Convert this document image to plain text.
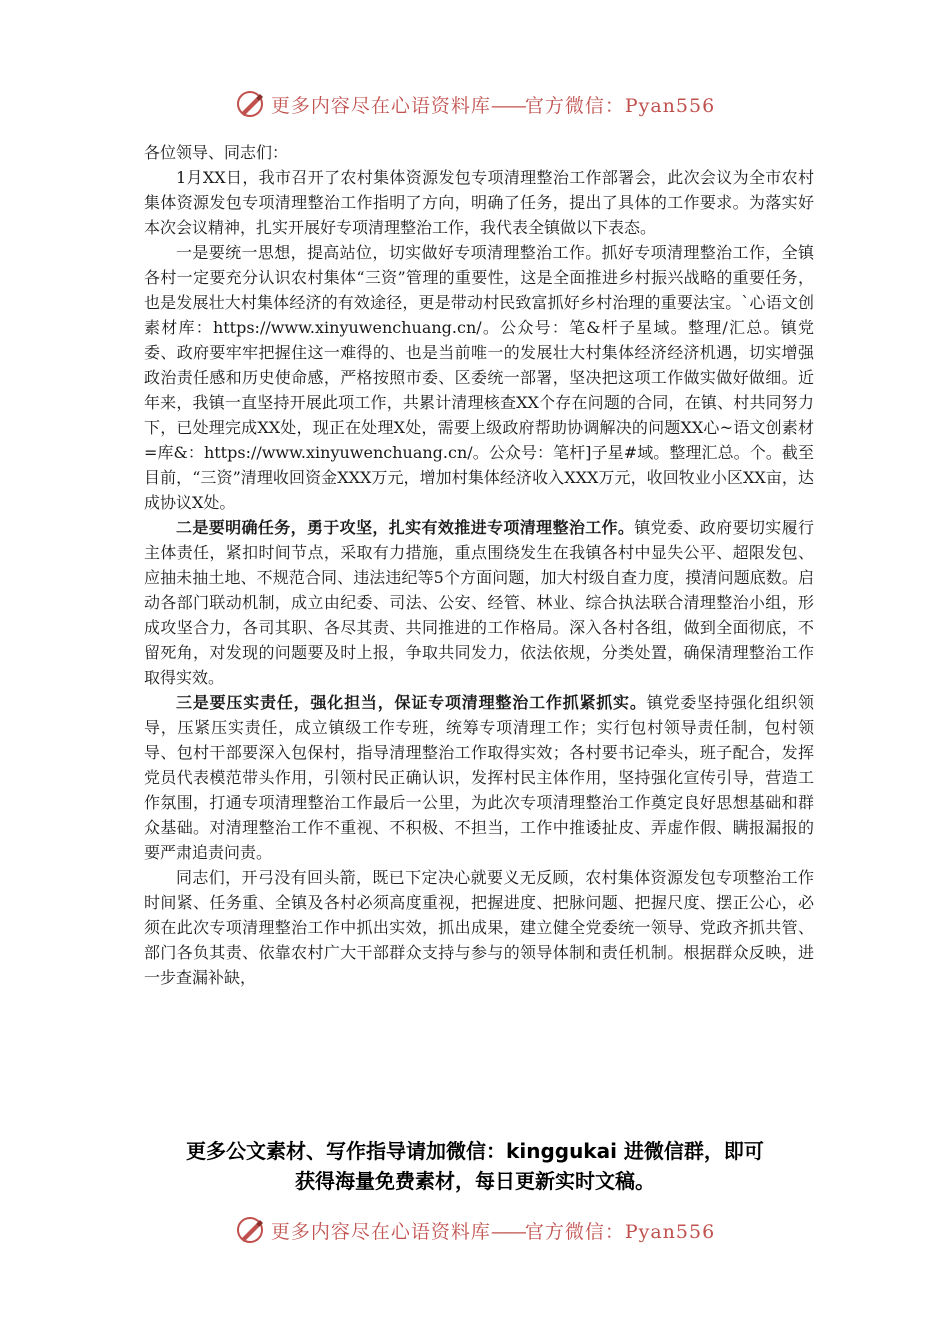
更多内容尽在心语资料库——官方微信：Pyan556

各位领导、同志们：

1月XX日，我市召开了农村集体资源发包专项清理整治工作部署会，此次会议为全市农村集体资源发包专项清理整治工作指明了方向，明确了任务，提出了具体的工作要求。为落实好本次会议精神，扎实开展好专项清理整治工作，我代表全镇做以下表态。

一是要统一思想，提高站位，切实做好专项清理整治工作。抓好专项清理整治工作，全镇各村一定要充分认识农村集体“三资”管理的重要性，这是全面推进乡村振兴战略的重要任务，也是发展壮大村集体经济的有效途径，更是带动村民致富抓好乡村治理的重要法宝。`心语文创素材库：https://www.xinyuwenchuang.cn/。公众号：笔&杆子星域。整理/汇总。镇党委、政府要牢牢把握住这一难得的、也是当前唯一的发展壮大村集体经济经济机遇，切实增强政治责任感和历史使命感，严格按照市委、区委统一部署，坚决把这项工作做实做好做细。近年来，我镇一直坚持开展此项工作，共累计清理核查XX个存在问题的合同，在镇、村共同努力下，已处理完成XX处，现正在处理X处，需要上级政府帮助协调解决的问题XX心~语文创素材=库&：https://www.xinyuwenchuang.cn/。公众号：笔杆]子星#域。整理汇总。个。截至目前，“三资”清理收回资金XXX万元，增加村集体经济收入XXX万元，收回牧业小区XX亩，达成协议X处。

二是要明确任务，勇于攻坚，扎实有效推进专项清理整治工作。镇党委、政府要切实履行主体责任，紧扣时间节点，采取有力措施，重点围绕发生在我镇各村中显失公平、超限发包、应抽未抽土地、不规范合同、违法违纪等5个方面问题，加大村级自查力度，摸清问题底数。启动各部门联动机制，成立由纪委、司法、公安、经管、林业、综合执法联合清理整治小组，形成攻坚合力，各司其职、各尽其责、共同推进的工作格局。深入各村各组，做到全面彻底，不留死角，对发现的问题要及时上报，争取共同发力，依法依规，分类处置，确保清理整治工作取得实效。

三是要压实责任，强化担当，保证专项清理整治工作抓紧抓实。镇党委坚持强化组织领导，压紧压实责任，成立镇级工作专班，统筹专项清理工作；实行包村领导责任制，包村领导、包村干部要深入包保村，指导清理整治工作取得实效；各村要书记牵头，班子配合，发挥党员代表模范带头作用，引领村民正确认识，发挥村民主体作用，坚持强化宣传引导，营造工作氛围，打通专项清理整治工作最后一公里，为此次专项清理整治工作奠定良好思想基础和群众基础。对清理整治工作不重视、不积极、不担当，工作中推诿扯皮、弄虚作假、瞒报漏报的要严肃追责问责。

同志们，开弓没有回头箭，既已下定决心就要义无反顾，农村集体资源发包专项整治工作时间紧、任务重、全镇及各村必须高度重视，把握进度、把脉问题、把握尺度、摆正公心，必须在此次专项清理整治工作中抓出实效，抓出成果，建立健全党委统一领导、党政齐抓共管、部门各负其责、依靠农村广大干部群众支持与参与的领导体制和责任机制。根据群众反映，进一步查漏补缺，

更多公文素材、写作指导请加微信：kinggukai 进微信群，即可
获得海量免费素材，每日更新实时文稿。
更多内容尽在心语资料库——官方微信：Pyan556
